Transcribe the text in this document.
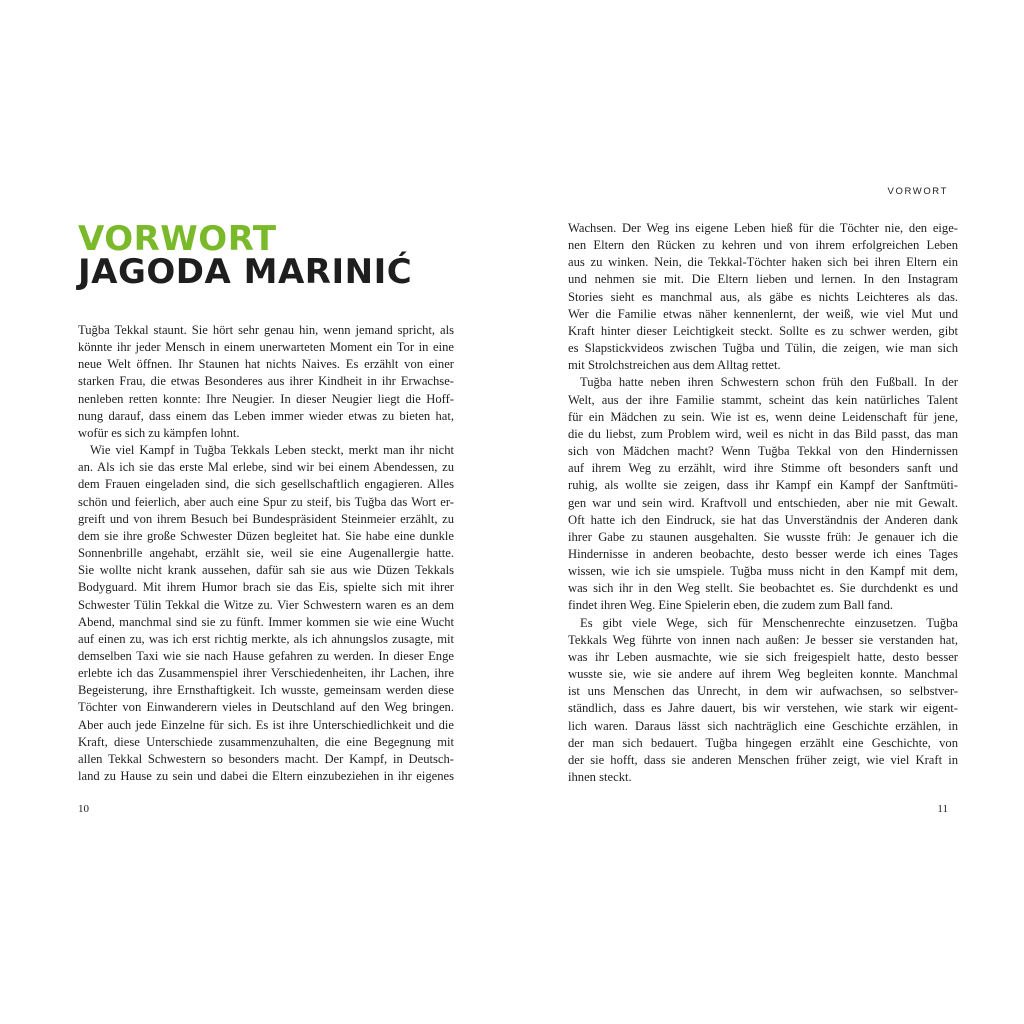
VORWORT
JAGODA MARINIĆ
Tuğba Tekkal staunt. Sie hört sehr genau hin, wenn jemand spricht, als
könnte ihr jeder Mensch in einem unerwarteten Moment ein Tor in eine
neue Welt öffnen. Ihr Staunen hat nichts Naives. Es erzählt von einer
starken Frau, die etwas Besonderes aus ihrer Kindheit in ihr Erwachse-
nenleben retten konnte: Ihre Neugier. In dieser Neugier liegt die Hoff-
nung darauf, dass einem das Leben immer wieder etwas zu bieten hat,
wofür es sich zu kämpfen lohnt.
Wie viel Kampf in Tuğba Tekkals Leben steckt, merkt man ihr nicht
an. Als ich sie das erste Mal erlebe, sind wir bei einem Abendessen, zu
dem Frauen eingeladen sind, die sich gesellschaftlich engagieren. Alles
schön und feierlich, aber auch eine Spur zu steif, bis Tuğba das Wort er-
greift und von ihrem Besuch bei Bundespräsident Steinmeier erzählt, zu
dem sie ihre große Schwester Düzen begleitet hat. Sie habe eine dunkle
Sonnenbrille angehabt, erzählt sie, weil sie eine Augenallergie hatte.
Sie wollte nicht krank aussehen, dafür sah sie aus wie Düzen Tekkals
Bodyguard. Mit ihrem Humor brach sie das Eis, spielte sich mit ihrer
Schwester Tülin Tekkal die Witze zu. Vier Schwestern waren es an dem
Abend, manchmal sind sie zu fünft. Immer kommen sie wie eine Wucht
auf einen zu, was ich erst richtig merkte, als ich ahnungslos zusagte, mit
demselben Taxi wie sie nach Hause gefahren zu werden. In dieser Enge
erlebte ich das Zusammenspiel ihrer Verschiedenheiten, ihr Lachen, ihre
Begeisterung, ihre Ernsthaftigkeit. Ich wusste, gemeinsam werden diese
Töchter von Einwanderern vieles in Deutschland auf den Weg bringen.
Aber auch jede Einzelne für sich. Es ist ihre Unterschiedlichkeit und die
Kraft, diese Unterschiede zusammenzuhalten, die eine Begegnung mit
allen Tekkal Schwestern so besonders macht. Der Kampf, in Deutsch-
land zu Hause zu sein und dabei die Eltern einzubeziehen in ihr eigenes
10
VORWORT
Wachsen. Der Weg ins eigene Leben hieß für die Töchter nie, den eige-
nen Eltern den Rücken zu kehren und von ihrem erfolgreichen Leben
aus zu winken. Nein, die Tekkal-Töchter haken sich bei ihren Eltern ein
und nehmen sie mit. Die Eltern lieben und lernen. In den Instagram
Stories sieht es manchmal aus, als gäbe es nichts Leichteres als das.
Wer die Familie etwas näher kennenlernt, der weiß, wie viel Mut und
Kraft hinter dieser Leichtigkeit steckt. Sollte es zu schwer werden, gibt
es Slapstickvideos zwischen Tuğba und Tülin, die zeigen, wie man sich
mit Strolchstreichen aus dem Alltag rettet.
Tuğba hatte neben ihren Schwestern schon früh den Fußball. In der
Welt, aus der ihre Familie stammt, scheint das kein natürliches Talent
für ein Mädchen zu sein. Wie ist es, wenn deine Leidenschaft für jene,
die du liebst, zum Problem wird, weil es nicht in das Bild passt, das man
sich von Mädchen macht? Wenn Tuğba Tekkal von den Hindernissen
auf ihrem Weg zu erzählt, wird ihre Stimme oft besonders sanft und
ruhig, als wollte sie zeigen, dass ihr Kampf ein Kampf der Sanftmüti-
gen war und sein wird. Kraftvoll und entschieden, aber nie mit Gewalt.
Oft hatte ich den Eindruck, sie hat das Unverständnis der Anderen dank
ihrer Gabe zu staunen ausgehalten. Sie wusste früh: Je genauer ich die
Hindernisse in anderen beobachte, desto besser werde ich eines Tages
wissen, wie ich sie umspiele. Tuğba muss nicht in den Kampf mit dem,
was sich ihr in den Weg stellt. Sie beobachtet es. Sie durchdenkt es und
findet ihren Weg. Eine Spielerin eben, die zudem zum Ball fand.
Es gibt viele Wege, sich für Menschenrechte einzusetzen. Tuğba
Tekkals Weg führte von innen nach außen: Je besser sie verstanden hat,
was ihr Leben ausmachte, wie sie sich freigespielt hatte, desto besser
wusste sie, wie sie andere auf ihrem Weg begleiten konnte. Manchmal
ist uns Menschen das Unrecht, in dem wir aufwachsen, so selbstver-
ständlich, dass es Jahre dauert, bis wir verstehen, wie stark wir eigent-
lich waren. Daraus lässt sich nachträglich eine Geschichte erzählen, in
der man sich bedauert. Tuğba hingegen erzählt eine Geschichte, von
der sie hofft, dass sie anderen Menschen früher zeigt, wie viel Kraft in
ihnen steckt.
11
